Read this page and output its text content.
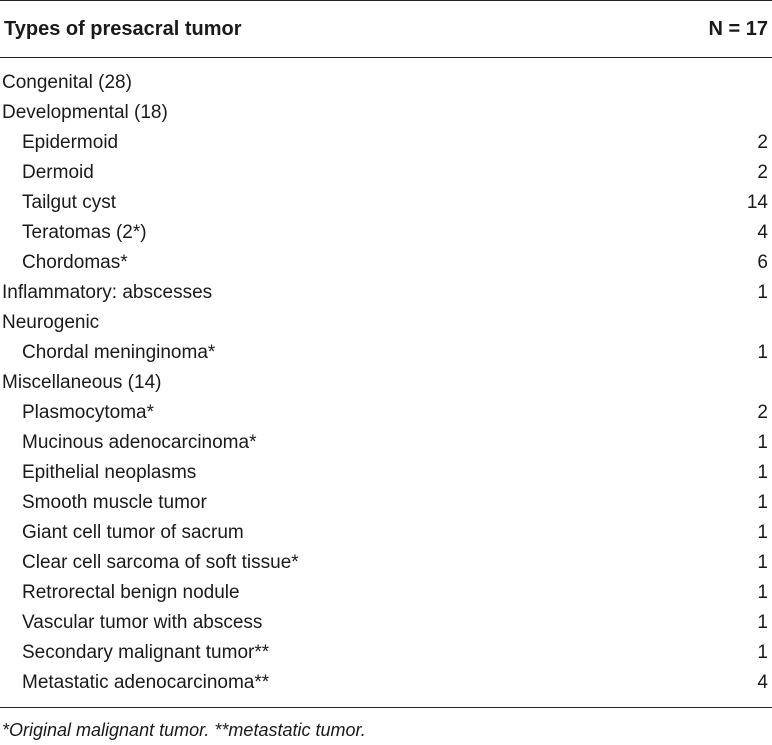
Types of presacral tumor	N = 17
Congenital (28)
Developmental (18)
Epidermoid	2
Dermoid	2
Tailgut cyst	14
Teratomas (2*)	4
Chordomas*	6
Inflammatory: abscesses	1
Neurogenic
Chordal meninginoma*	1
Miscellaneous (14)
Plasmocytoma*	2
Mucinous adenocarcinoma*	1
Epithelial neoplasms	1
Smooth muscle tumor	1
Giant cell tumor of sacrum	1
Clear cell sarcoma of soft tissue*	1
Retrorectal benign nodule	1
Vascular tumor with abscess	1
Secondary malignant tumor**	1
Metastatic adenocarcinoma**	4
*Original malignant tumor. **metastatic tumor.
